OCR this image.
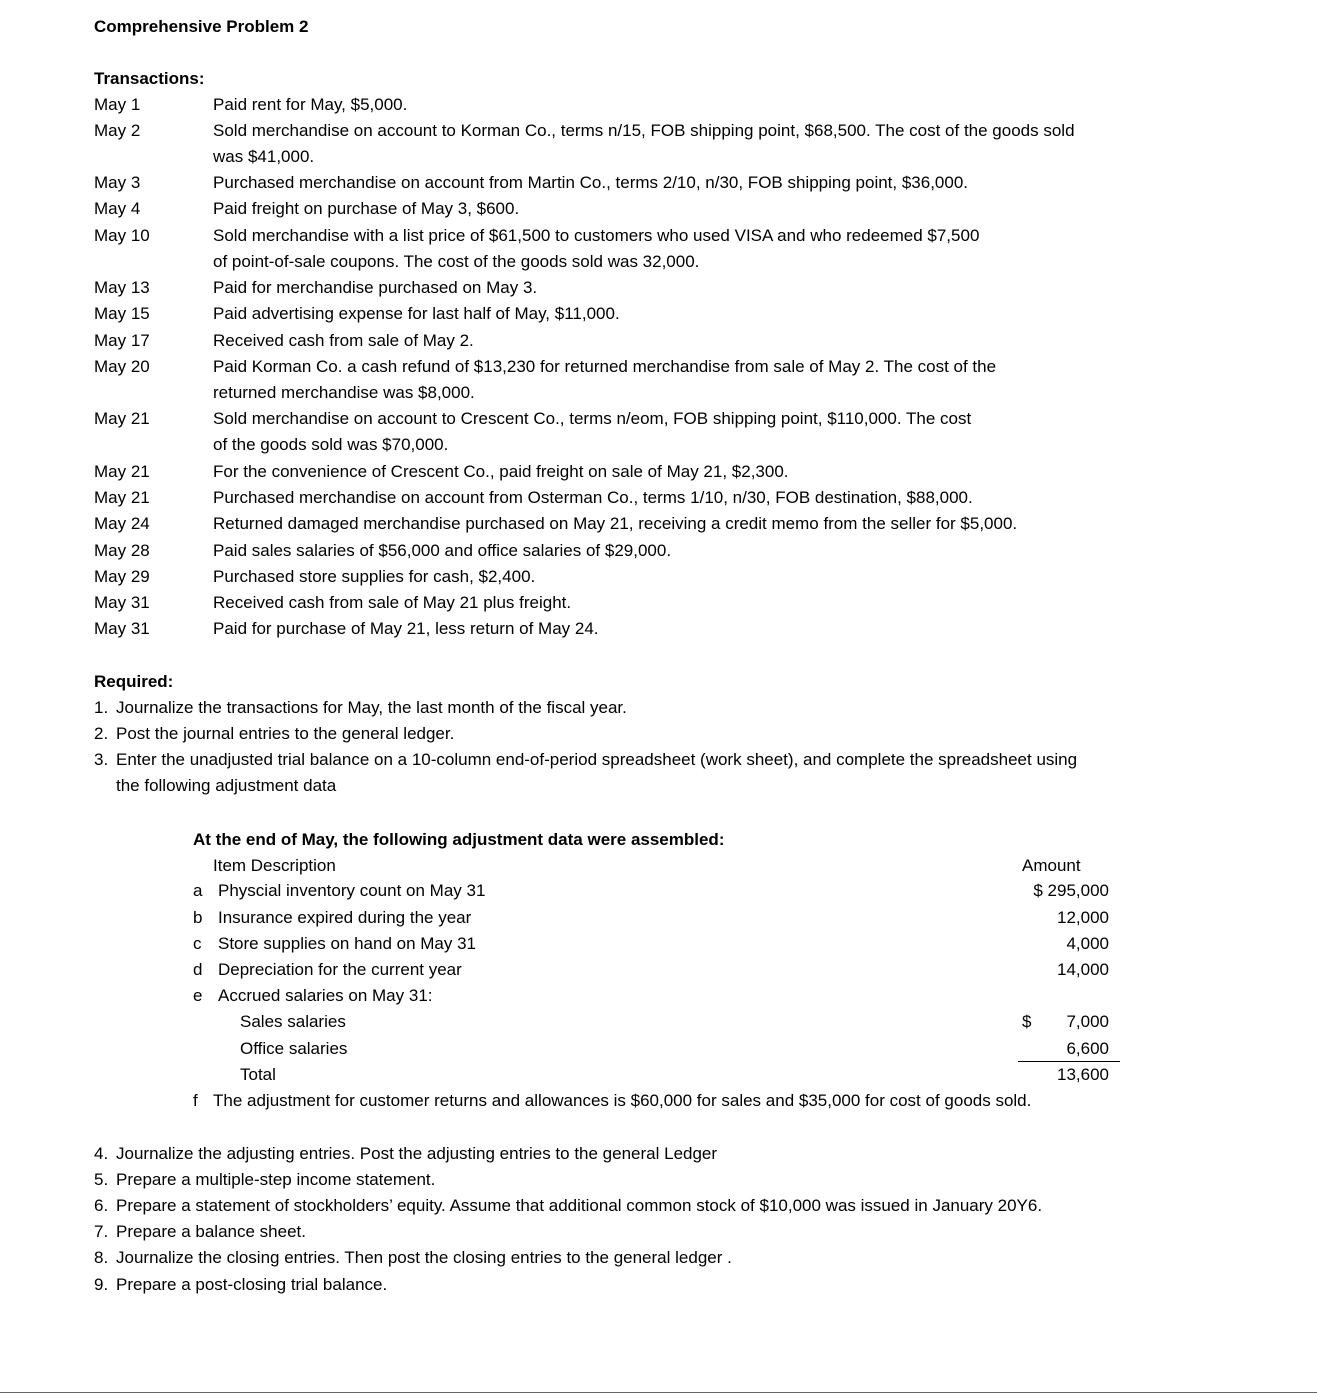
Comprehensive Problem 2
Transactions:
May 1	Paid rent for May, $5,000.
May 2	Sold merchandise on account to Korman Co., terms n/15, FOB shipping point, $68,500. The cost of the goods sold was $41,000.
May 3	Purchased merchandise on account from Martin Co., terms 2/10, n/30, FOB shipping point, $36,000.
May 4	Paid freight on purchase of May 3, $600.
May 10	Sold merchandise with a list price of $61,500 to customers who used VISA and who redeemed $7,500 of point-of-sale coupons. The cost of the goods sold was 32,000.
May 13	Paid for merchandise purchased on May 3.
May 15	Paid advertising expense for last half of May, $11,000.
May 17	Received cash from sale of May 2.
May 20	Paid Korman Co. a cash refund of $13,230 for returned merchandise from sale of May 2. The cost of the returned merchandise was $8,000.
May 21	Sold merchandise on account to Crescent Co., terms n/eom, FOB shipping point, $110,000. The cost of the goods sold was $70,000.
May 21	For the convenience of Crescent Co., paid freight on sale of May 21, $2,300.
May 21	Purchased merchandise on account from Osterman Co., terms 1/10, n/30, FOB destination, $88,000.
May 24	Returned damaged merchandise purchased on May 21, receiving a credit memo from the seller for $5,000.
May 28	Paid sales salaries of $56,000 and office salaries of $29,000.
May 29	Purchased store supplies for cash, $2,400.
May 31	Received cash from sale of May 21 plus freight.
May 31	Paid for purchase of May 21, less return of May 24.
Required:
1. Journalize the transactions for May, the last month of the fiscal year.
2. Post the journal entries to the general ledger.
3. Enter the unadjusted trial balance on a 10-column end-of-period spreadsheet (work sheet), and complete the spreadsheet using
the following adjustment data
At the end of May, the following adjustment data were assembled:
Item Description	Amount
a Physcial inventory count on May 31	$ 295,000
b Insurance expired during the year	12,000
c Store supplies on hand on May 31	4,000
d Depreciation for the current year	14,000
e Accrued salaries on May 31:
Sales salaries	$	7,000
Office salaries	6,600
Total	13,600
f The adjustment for customer returns and allowances is $60,000 for sales and $35,000 for cost of goods sold.
4. Journalize the adjusting entries. Post the adjusting entries to the general Ledger
5. Prepare a multiple-step income statement.
6. Prepare a statement of stockholders’ equity. Assume that additional common stock of $10,000 was issued in January 20Y6.
7. Prepare a balance sheet.
8. Journalize the closing entries. Then post the closing entries to the general ledger .
9. Prepare a post-closing trial balance.
